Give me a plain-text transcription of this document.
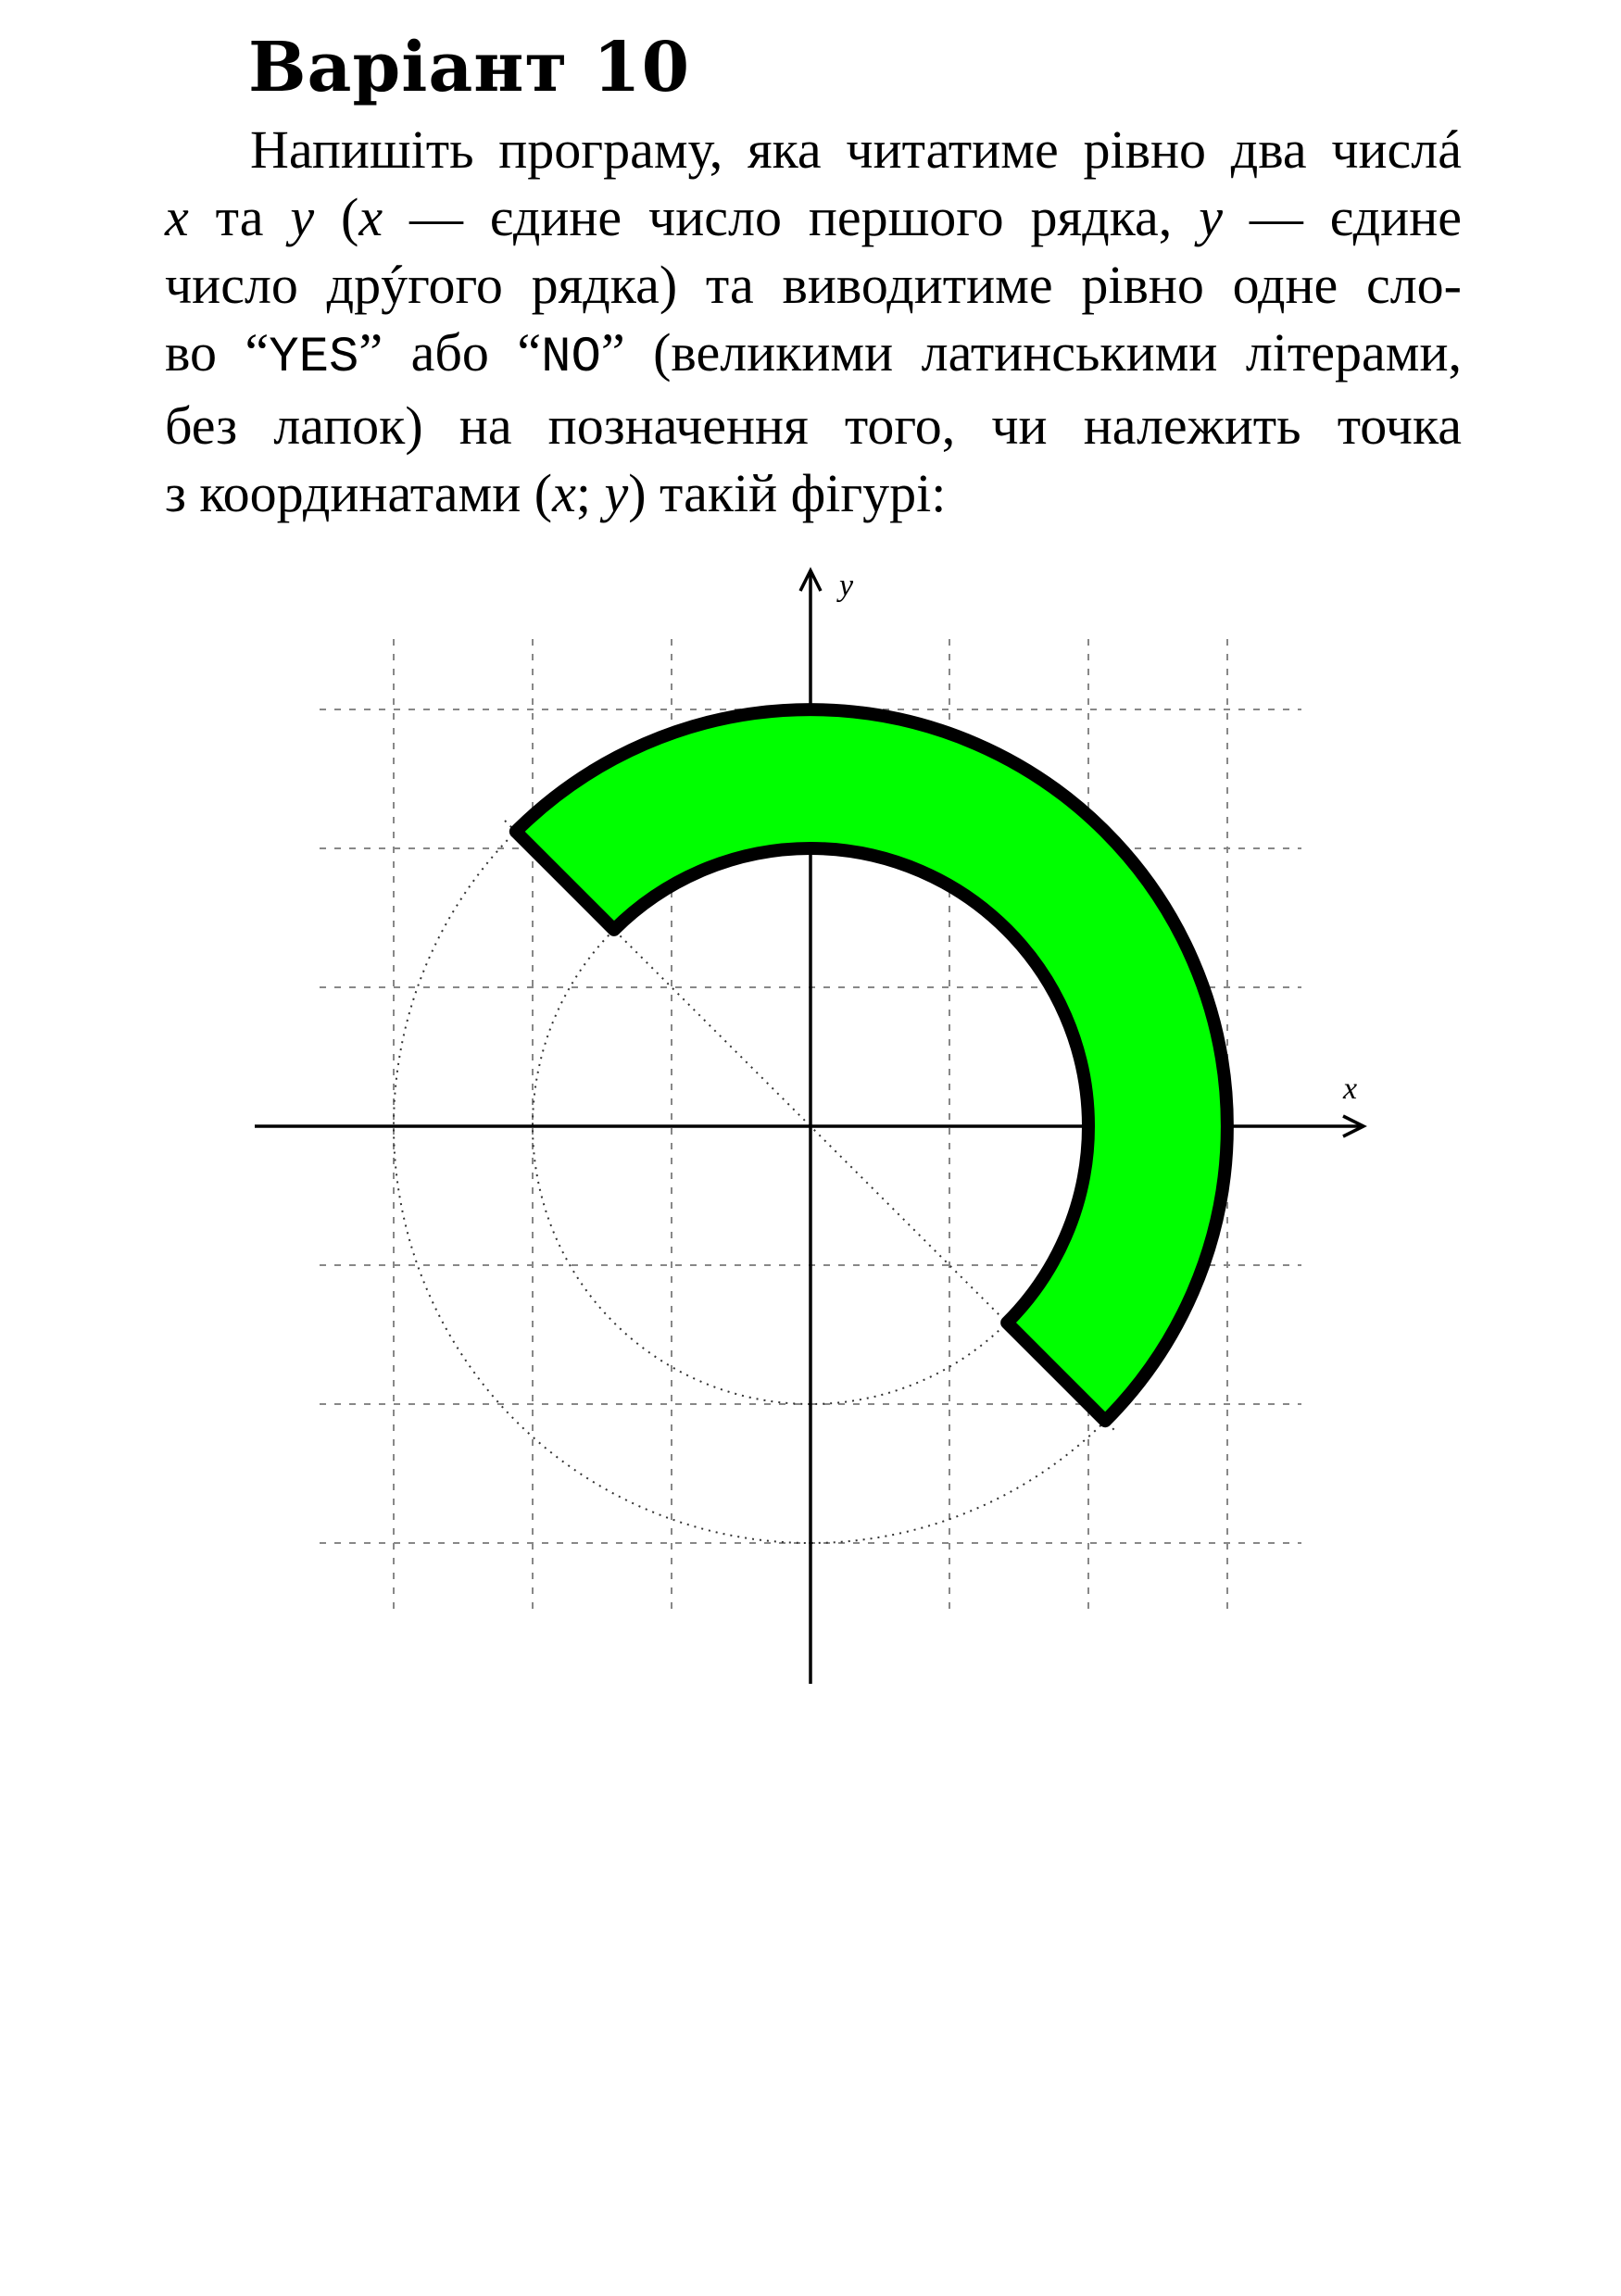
Варіант 10
Напишіть програму, яка читатиме рівно два числá
x та y (x — єдине число першого рядка, y — єдине
число дрýгого рядка) та виводитиме рівно одне сло-
во “YES” або “NO” (великими латинськими літерами,
без лапок) на позначення того, чи належить точка
з координатами (x; y) такій фігурі:
x
y
